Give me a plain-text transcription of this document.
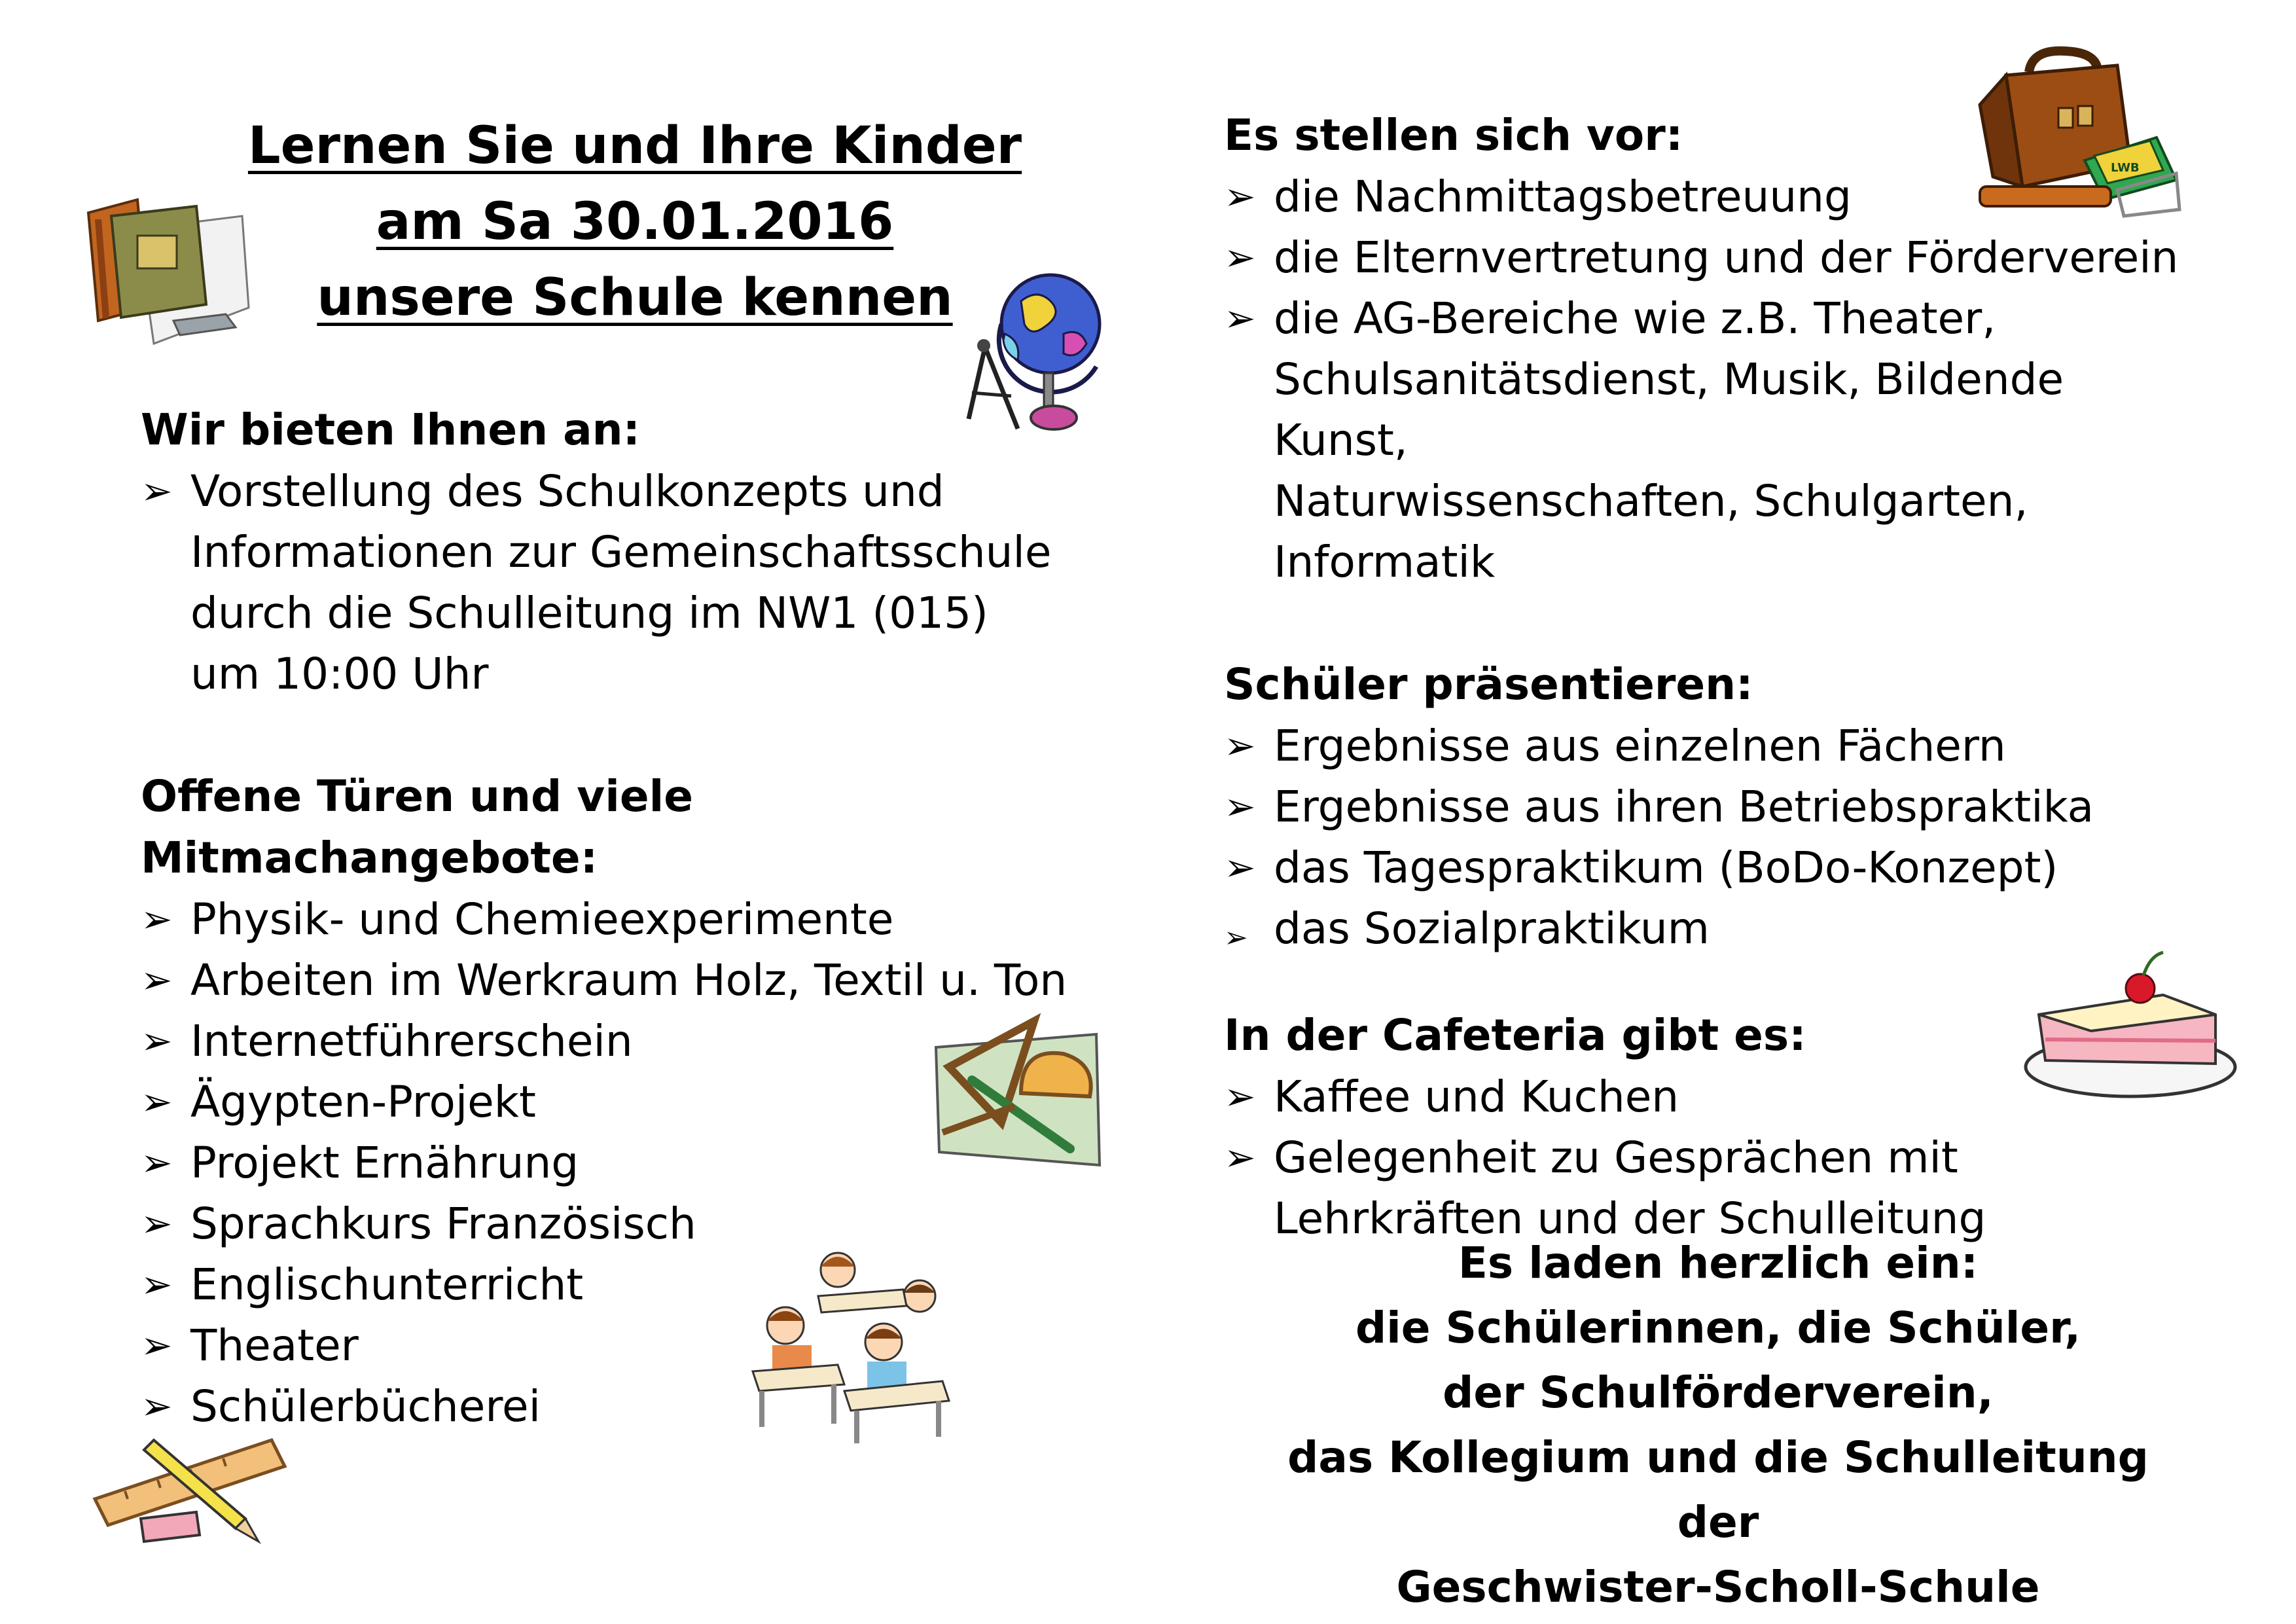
Lernen Sie und Ihre Kinder
am Sa 30.01.2016
unsere Schule kennen
Wir bieten Ihnen an:
➢ Vorstellung des Schulkonzepts und
Informationen zur Gemeinschaftsschule
durch die Schulleitung im NW1 (015)
um 10:00 Uhr
Offene Türen und viele Mitmachangebote:
➢ Physik- und Chemieexperimente
➢ Arbeiten im Werkraum Holz, Textil u. Ton
➢ Internetführerschein
➢ Ägypten-Projekt
➢ Projekt Ernährung
➢ Sprachkurs Französisch
➢ Englischunterricht
➢ Theater
➢ Schülerbücherei
Es stellen sich vor:
➢ die Nachmittagsbetreuung
➢ die Elternvertretung und der Förderverein
➢ die AG-Bereiche wie z.B. Theater,
Schulsanitätsdienst, Musik, Bildende Kunst,
Naturwissenschaften, Schulgarten,
Informatik
Schüler präsentieren:
➢ Ergebnisse aus einzelnen Fächern
➢ Ergebnisse aus ihren Betriebspraktika
➢ das Tagespraktikum (BoDo-Konzept)
➢ das Sozialpraktikum
In der Cafeteria gibt es:
➢ Kaffee und Kuchen
➢ Gelegenheit zu Gesprächen mit
Lehrkräften und der Schulleitung
Es laden herzlich ein:
die Schülerinnen, die Schüler,
der Schulförderverein,
das Kollegium und die Schulleitung der
Geschwister-Scholl-Schule
LWB
